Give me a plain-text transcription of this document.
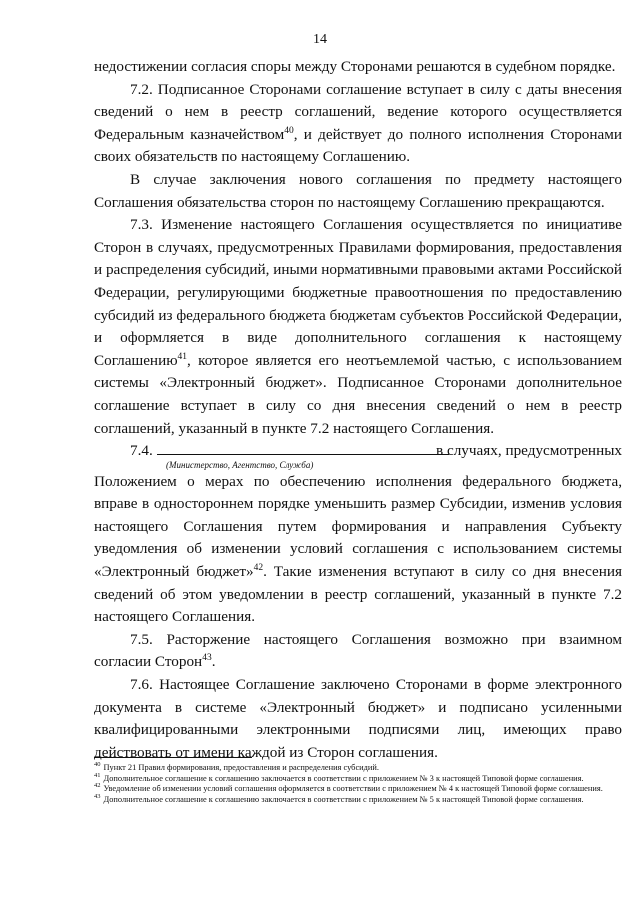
14

недостижении согласия споры между Сторонами решаются в судебном порядке.

7.2. Подписанное Сторонами соглашение вступает в силу с даты внесения сведений о нем в реестр соглашений, ведение которого осуществляется Федеральным казначейством$^{40}$, и действует до полного исполнения Сторонами своих обязательств по настоящему Соглашению.

В случае заключения нового соглашения по предмету настоящего Соглашения обязательства сторон по настоящему Соглашению прекращаются.

7.3. Изменение настоящего Соглашения осуществляется по инициативе Сторон в случаях, предусмотренных Правилами формирования, предоставления и распределения субсидий, иными нормативными правовыми актами Российской Федерации, регулирующими бюджетные правоотношения по предоставлению субсидий из федерального бюджета бюджетам субъектов Российской Федерации, и оформляется в виде дополнительного соглашения к настоящему Соглашению$^{41}$, которое является его неотъемлемой частью, с использованием системы «Электронный бюджет». Подписанное Сторонами дополнительное соглашение вступает в силу со дня внесения сведений о нем в реестр соглашений, указанный в пункте 7.2 настоящего Соглашения.

7.4.	в случаях, предусмотренных
(Министерство, Агентство, Служба)

Положением о мерах по обеспечению исполнения федерального бюджета, вправе в одностороннем порядке уменьшить размер Субсидии, изменив условия настоящего Соглашения путем формирования и направления Субъекту уведомления об изменении условий соглашения с использованием системы «Электронный бюджет»$^{42}$. Такие изменения вступают в силу со дня внесения сведений об этом уведомлении в реестр соглашений, указанный в пункте 7.2 настоящего Соглашения.

7.5. Расторжение настоящего Соглашения возможно при взаимном согласии Сторон$^{43}$.

7.6. Настоящее Соглашение заключено Сторонами в форме электронного документа в системе «Электронный бюджет» и подписано усиленными квалифицированными электронными подписями лиц, имеющих право действовать от имени каждой из Сторон соглашения.

$^{40}$ Пункт 21 Правил формирования, предоставления и распределения субсидий.

$^{41}$ Дополнительное соглашение к соглашению заключается в соответствии с приложением № 3 к настоящей Типовой форме соглашения.

$^{42}$ Уведомление об изменении условий соглашения оформляется в соответствии с приложением № 4 к настоящей Типовой форме соглашения.

$^{43}$ Дополнительное соглашение к соглашению заключается в соответствии с приложением № 5 к настоящей Типовой форме соглашения.
